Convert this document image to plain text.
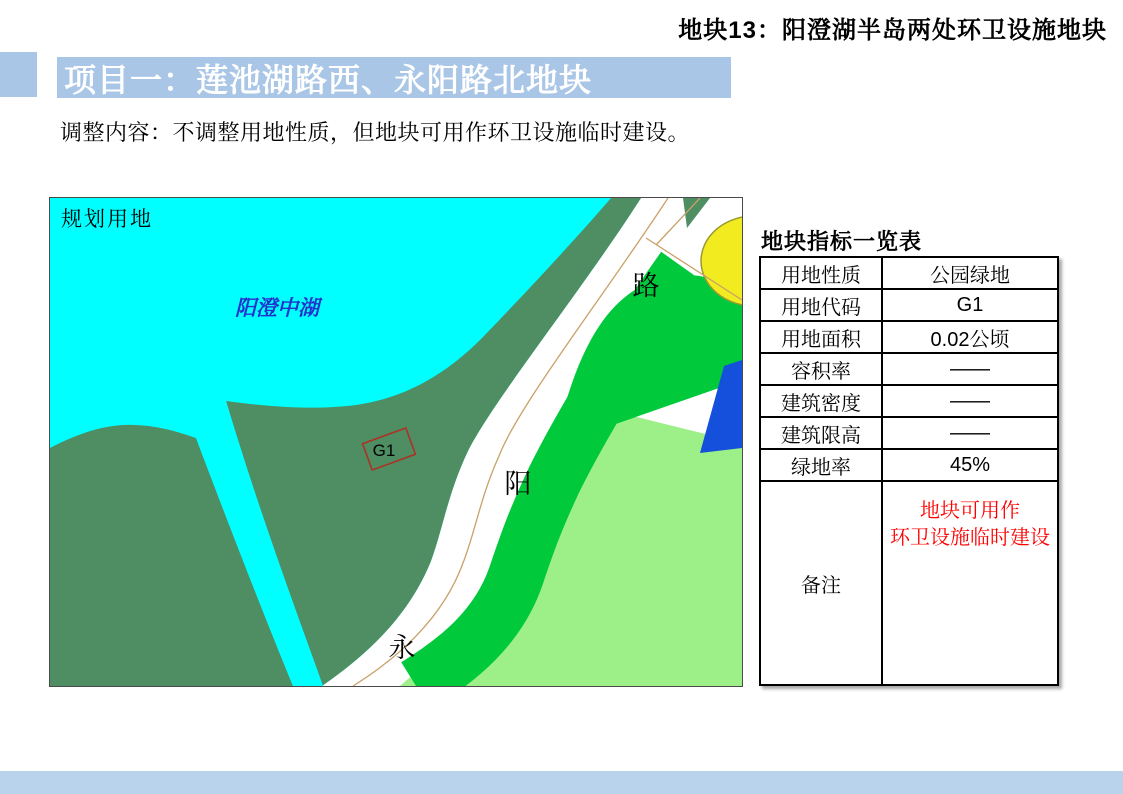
地块13：阳澄湖半岛两处环卫设施地块
项目一：莲池湖路西、永阳路北地块
调整内容：不调整用地性质，但地块可用作环卫设施临时建设。
G1
规划用地
阳澄中湖
路
阳
永
地块指标一览表
用地性质	公园绿地
用地代码	G1
用地面积	0.02公顷
容积率	——
建筑密度	——
建筑限高	——
绿地率	45%
备注	地块可用作
环卫设施临时建设
